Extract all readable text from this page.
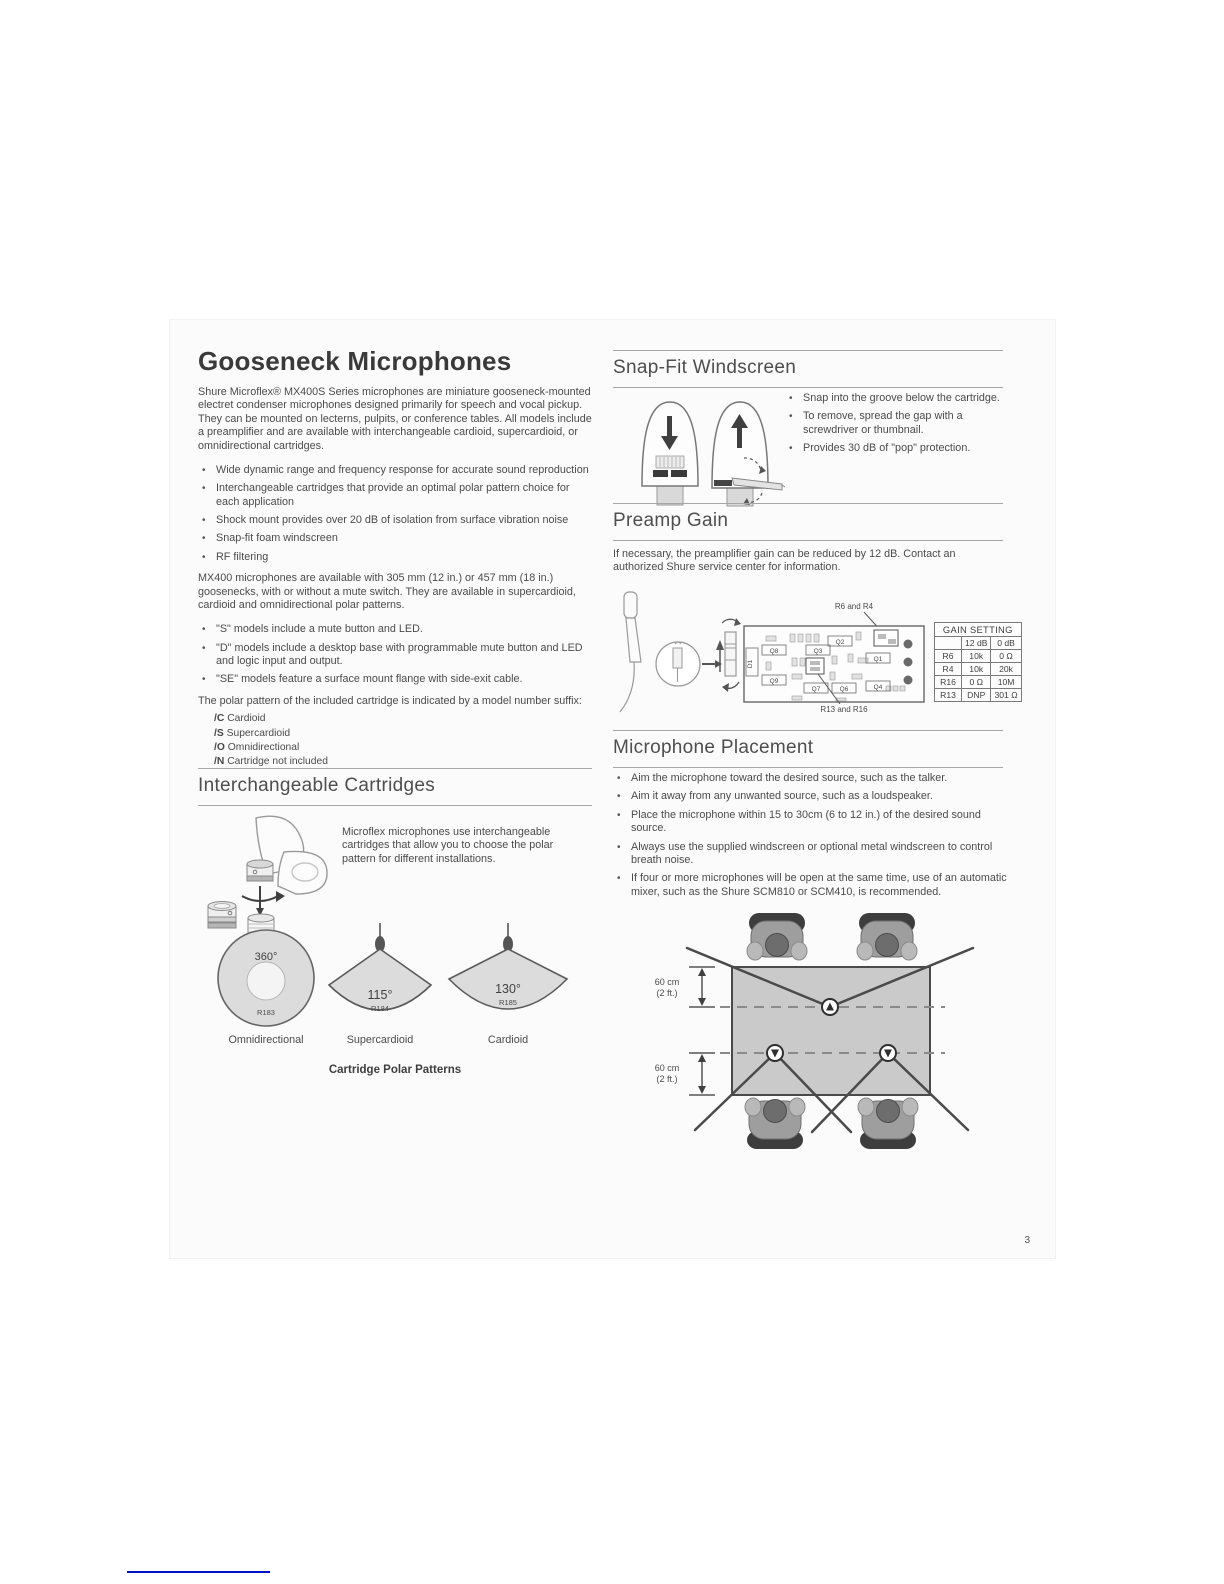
Gooseneck Microphones

Shure Microflex® MX400S Series microphones are miniature gooseneck-mounted electret condenser microphones designed primarily for speech and vocal pickup. They can be mounted on lecterns, pulpits, or conference tables. All models include a preamplifier and are available with interchangeable cardioid, supercardioid, or omnidirectional cartridges.

• Wide dynamic range and frequency response for accurate sound reproduction
• Interchangeable cartridges that provide an optimal polar pattern choice for each application
• Shock mount provides over 20 dB of isolation from surface vibration noise
• Snap-fit foam windscreen
• RF filtering

MX400 microphones are available with 305 mm (12 in.) or 457 mm (18 in.) goosenecks, with or without a mute switch. They are available in supercardioid, cardioid and omnidirectional polar patterns.

• "S" models include a mute button and LED.
• "D" models include a desktop base with programmable mute button and LED and logic input and output.
• "SE" models feature a surface mount flange with side-exit cable.

The polar pattern of the included cartridge is indicated by a model number suffix:

/C Cardioid
/S Supercardioid
/O Omnidirectional
/N Cartridge not included
Interchangeable Cartridges
Microflex microphones use interchangeable cartridges that allow you to choose the polar pattern for different installations.
360°
R183
115°
R184
130°
R185
Omnidirectional	Supercardioid	Cardioid
Cartridge Polar Patterns
Snap-Fit Windscreen
• Snap into the groove below the cartridge.
• To remove, spread the gap with a screwdriver or thumbnail.
• Provides 30 dB of "pop" protection.
Preamp Gain
If necessary, the preamplifier gain can be reduced by 12 dB. Contact an authorized Shure service center for information.
R6 and R4
Q8	Q3
Q2
Q1
Q9
Q7	Q6	Q4
D1
R13 and R16
GAIN SETTING		
	12 dB	0 dB
R6	10k	0 Ω
R4	10k	20k
R16	0 Ω	10M
R13	DNP	301 Ω
Microphone Placement
• Aim the microphone toward the desired source, such as the talker.
• Aim it away from any unwanted source, such as a loudspeaker.
• Place the microphone within 15 to 30cm (6 to 12 in.) of the desired sound source.
• Always use the supplied windscreen or optional metal windscreen to control breath noise.
• If four or more microphones will be open at the same time, use of an automatic mixer, such as the Shure SCM810 or SCM410, is recommended.
60 cm
(2 ft.)
60 cm
(2 ft.)
3
